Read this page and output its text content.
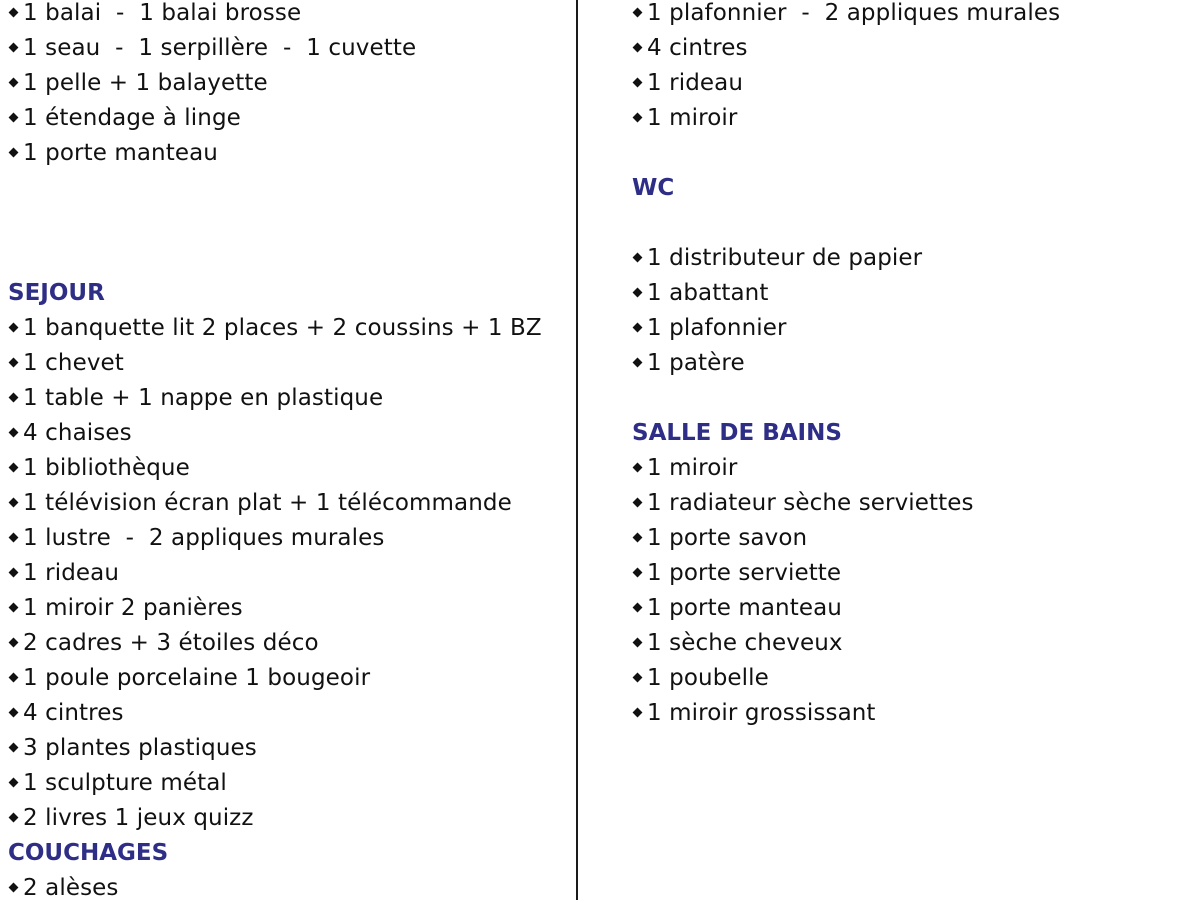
1 balai  -  1 balai brosse
1 seau  -  1 serpillère  -  1 cuvette
1 pelle + 1 balayette
1 étendage à linge
1 porte manteau
SEJOUR
1 banquette lit 2 places + 2 coussins + 1 BZ
1 chevet
1 table + 1 nappe en plastique
4 chaises
1 bibliothèque
1 télévision écran plat + 1 télécommande
1 lustre  -  2 appliques murales
1 rideau
1 miroir 2 panières
2 cadres + 3 étoiles déco
1 poule porcelaine 1 bougeoir
4 cintres
3 plantes plastiques
1 sculpture métal
2 livres 1 jeux quizz
COUCHAGES
2 alèses
1 plafonnier  -  2 appliques murales
4 cintres
1 rideau
1 miroir
WC
1 distributeur de papier
1 abattant
1 plafonnier
1 patère
SALLE DE BAINS
1 miroir
1 radiateur sèche serviettes
1 porte savon
1 porte serviette
1 porte manteau
1 sèche cheveux
1 poubelle
1 miroir grossissant
